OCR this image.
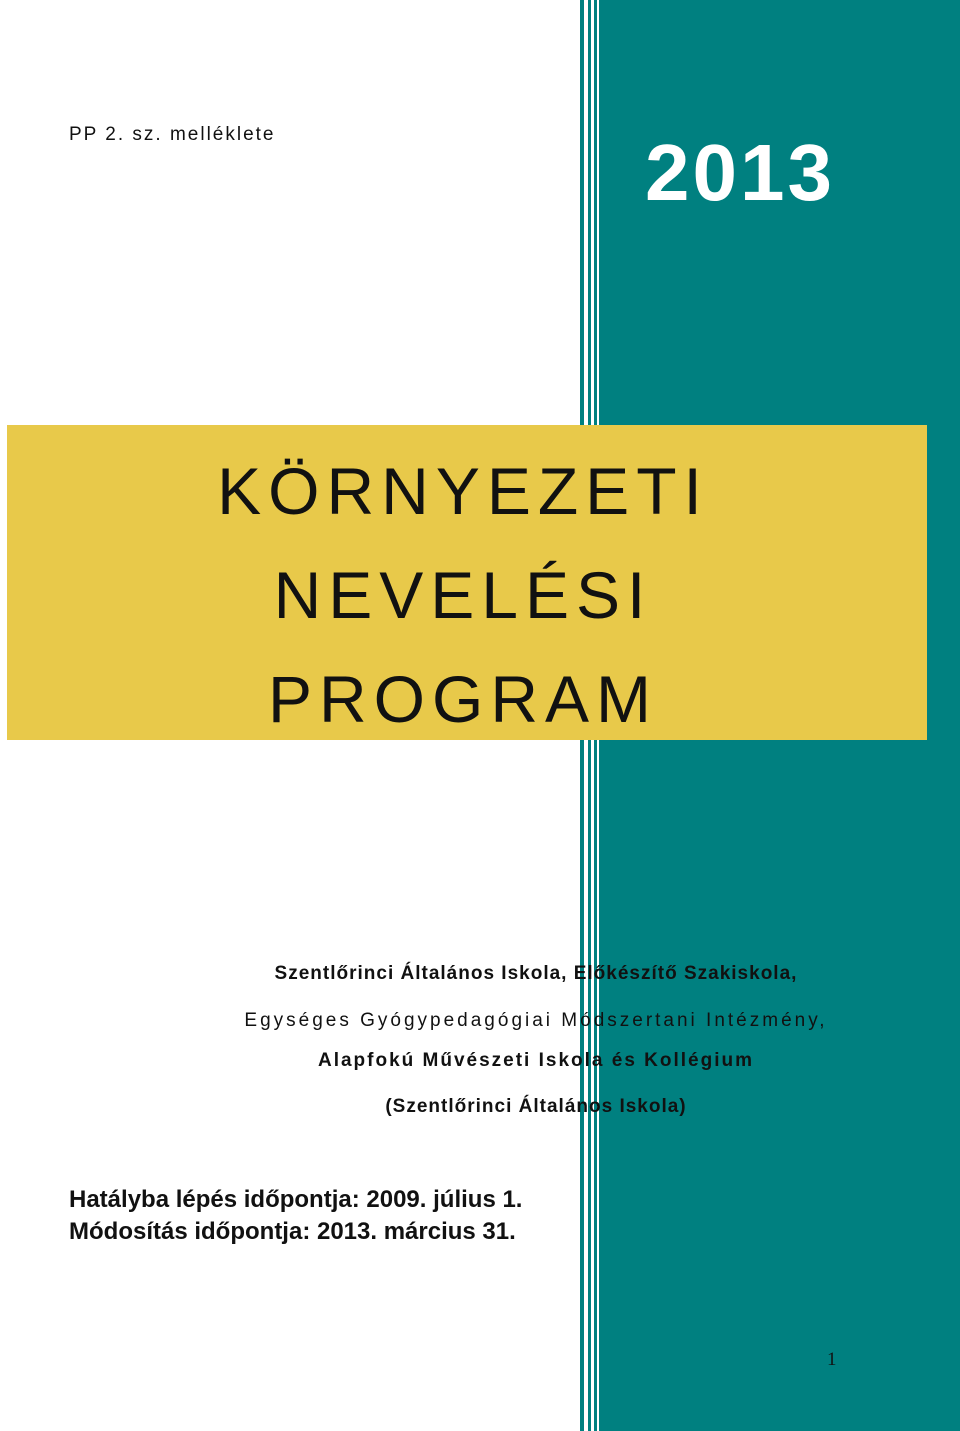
PP 2. sz. melléklete	2013
KÖRNYEZETI
NEVELÉSI
PROGRAM
Szentlőrinci Általános Iskola, Előkészítő Szakiskola,
Egységes Gyógypedagógiai Módszertani Intézmény,
Alapfokú Művészeti Iskola és Kollégium
(Szentlőrinci Általános Iskola)
Hatályba lépés időpontja: 2009. július 1.
Módosítás időpontja: 2013. március 31.
1
